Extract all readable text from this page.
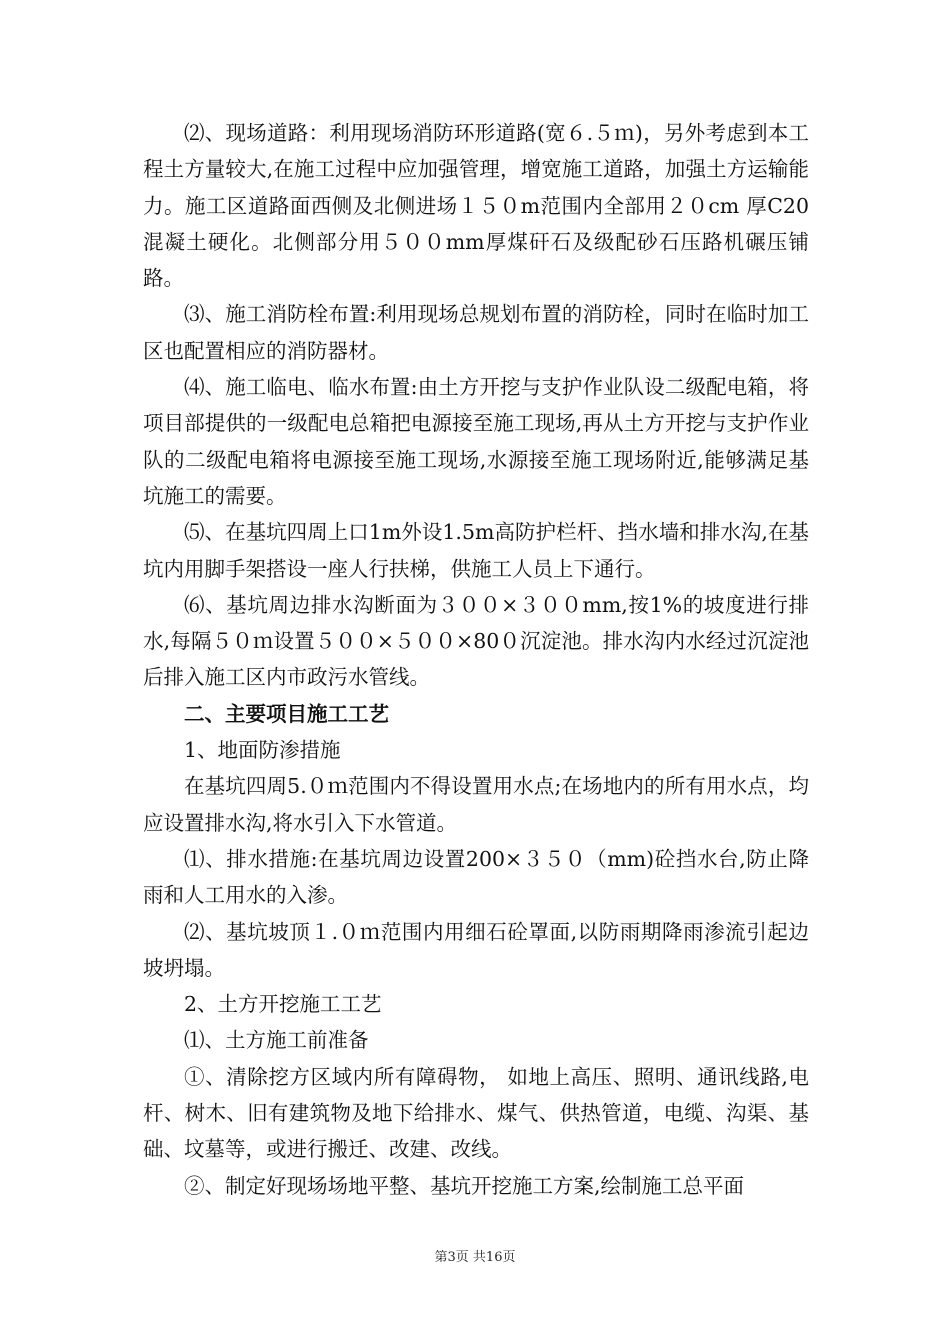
⑵、现场道路：利用现场消防环形道路(宽６.５ｍ)，另外考虑到本工程土方量较大,在施工过程中应加强管理，增宽施工道路，加强土方运输能力。施工区道路面西侧及北侧进场１５０m范围内全部用２０cm 厚C20混凝土硬化。北侧部分用５００mm厚煤矸石及级配砂石压路机碾压铺路。

⑶、施工消防栓布置:利用现场总规划布置的消防栓，同时在临时加工区也配置相应的消防器材。

⑷、施工临电、临水布置:由土方开挖与支护作业队设二级配电箱，将项目部提供的一级配电总箱把电源接至施工现场,再从土方开挖与支护作业队的二级配电箱将电源接至施工现场,水源接至施工现场附近,能够满足基坑施工的需要。

⑸、在基坑四周上口1m外设1.5m高防护栏杆、挡水墙和排水沟,在基坑内用脚手架搭设一座人行扶梯，供施工人员上下通行。

⑹、基坑周边排水沟断面为３００×３００mm,按1%的坡度进行排水,每隔５０ｍ设置５００×５００×80０沉淀池。排水沟内水经过沉淀池后排入施工区内市政污水管线。

二、主要项目施工工艺

1、地面防渗措施

在基坑四周5.０ｍ范围内不得设置用水点;在场地内的所有用水点，均应设置排水沟,将水引入下水管道。

⑴、排水措施:在基坑周边设置200×３５０（mm)砼挡水台,防止降雨和人工用水的入渗。

⑵、基坑坡顶１.０ｍ范围内用细石砼罩面,以防雨期降雨渗流引起边坡坍塌。

2、土方开挖施工工艺

⑴、土方施工前准备

①、清除挖方区域内所有障碍物， 如地上高压、照明、通讯线路,电杆、树木、旧有建筑物及地下给排水、煤气、供热管道，电缆、沟渠、基础、坟墓等，或进行搬迁、改建、改线。

②、制定好现场场地平整、基坑开挖施工方案,绘制施工总平面

第3页 共16页
